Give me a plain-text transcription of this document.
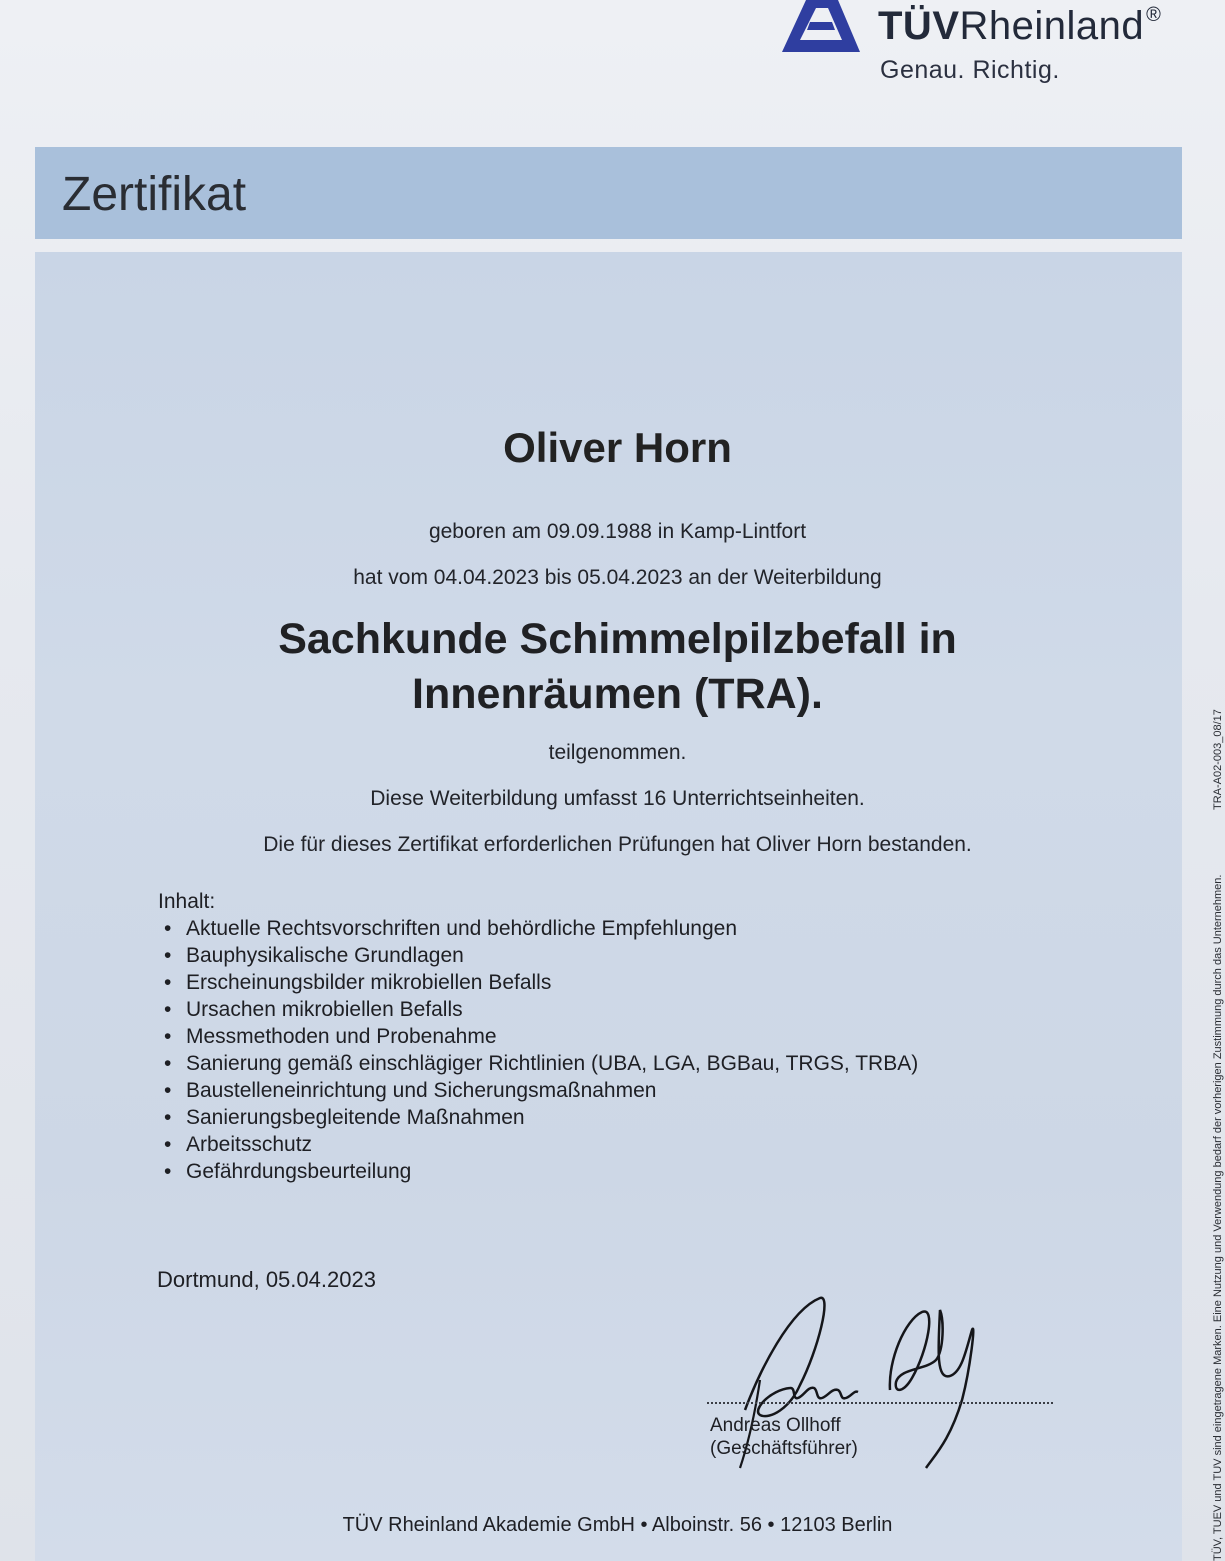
TÜVRheinland ®
Genau. Richtig.
Zertifikat
Oliver Horn
geboren am 09.09.1988 in Kamp-Lintfort
hat vom 04.04.2023 bis 05.04.2023 an der Weiterbildung
Sachkunde Schimmelpilzbefall in
Innenräumen (TRA).
teilgenommen.
Diese Weiterbildung umfasst 16 Unterrichtseinheiten.
Die für dieses Zertifikat erforderlichen Prüfungen hat Oliver Horn bestanden.
Inhalt:
• Aktuelle Rechtsvorschriften und behördliche Empfehlungen
• Bauphysikalische Grundlagen
• Erscheinungsbilder mikrobiellen Befalls
• Ursachen mikrobiellen Befalls
• Messmethoden und Probenahme
• Sanierung gemäß einschlägiger Richtlinien (UBA, LGA, BGBau, TRGS, TRBA)
• Baustelleneinrichtung und Sicherungsmaßnahmen
• Sanierungsbegleitende Maßnahmen
• Arbeitsschutz
• Gefährdungsbeurteilung
Dortmund, 05.04.2023
Andreas Ollhoff
(Geschäftsführer)
TÜV Rheinland Akademie GmbH • Alboinstr. 56 • 12103 Berlin
TRA-A02-003_08/17
TÜV, TUEV und TUV sind eingetragene Marken. Eine Nutzung und Verwendung bedarf der vorherigen Zustimmung durch das Unternehmen.
